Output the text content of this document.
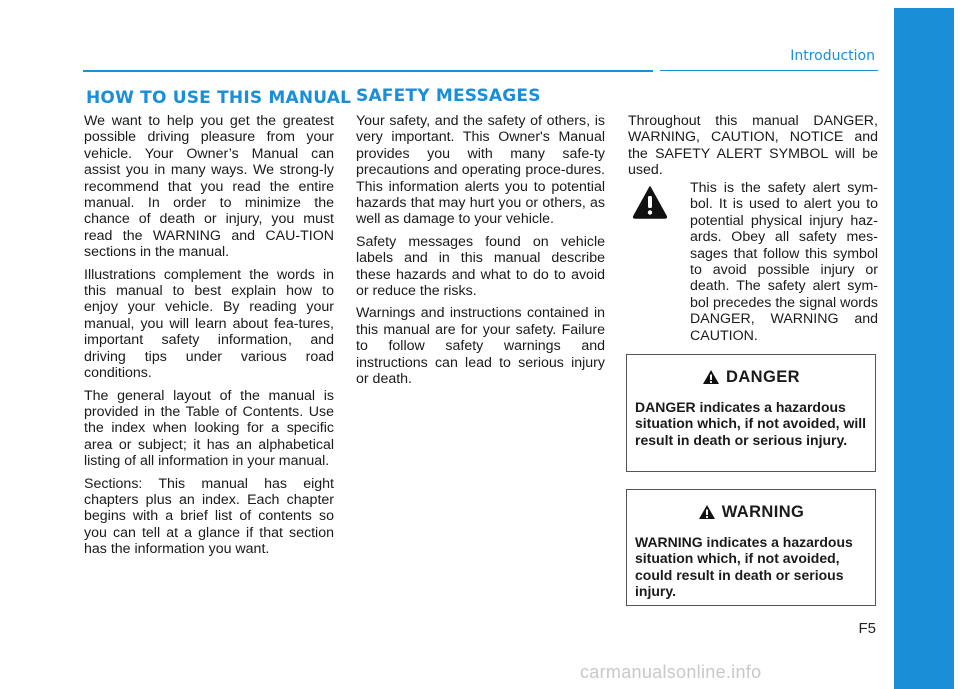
Introduction
HOW TO USE THIS MANUAL SAFETY MESSAGES

We want to help you get the greatest possible driving pleasure from your vehicle. Your Owner’s Manual can assist you in many ways. We strong-ly recommend that you read the entire manual. In order to minimize the chance of death or injury, you must read the WARNING and CAU-TION sections in the manual.

Illustrations complement the words in this manual to best explain how to enjoy your vehicle. By reading your manual, you will learn about fea-tures, important safety information, and driving tips under various road conditions.

The general layout of the manual is provided in the Table of Contents. Use the index when looking for a specific area or subject; it has an alphabetical listing of all information in your manual.

Sections: This manual has eight chapters plus an index. Each chapter begins with a brief list of contents so you can tell at a glance if that section has the information you want.

Your safety, and the safety of others, is very important. This Owner's Manual provides you with many safe-ty precautions and operating proce-dures. This information alerts you to potential hazards that may hurt you or others, as well as damage to your vehicle.

Safety messages found on vehicle labels and in this manual describe these hazards and what to do to avoid or reduce the risks.

Warnings and instructions contained in this manual are for your safety. Failure to follow safety warnings and instructions can lead to serious injury or death.

Throughout this manual DANGER, WARNING, CAUTION, NOTICE and the SAFETY ALERT SYMBOL will be used.

This is the safety alert sym-bol. It is used to alert you to potential physical injury haz-ards. Obey all safety mes-sages that follow this symbol to avoid possible injury or death. The safety alert sym-bol precedes the signal words DANGER, WARNING and CAUTION.
DANGER
DANGER indicates a hazardous situation which, if not avoided, will result in death or serious injury.
WARNING
WARNING indicates a hazardous situation which, if not avoided, could result in death or serious injury.
F5
carmanualsonline.info
